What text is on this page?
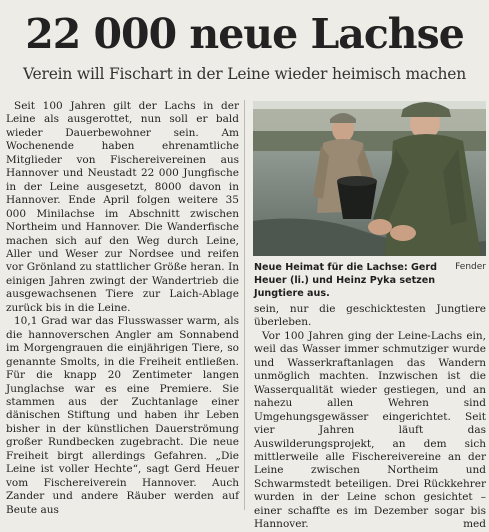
22 000 neue Lachse
Verein will Fischart in der Leine wieder heimisch machen

Seit 100 Jahren gilt der Lachs in der Leine als ausgerottet, nun soll er bald wieder Dauerbewohner sein. Am Wochenende haben ehrenamtliche Mitglieder von Fischereivereinen aus Hannover und Neustadt 22 000 Jungfische in der Leine ausgesetzt, 8000 davon in Hannover. Ende April folgen weitere 35 000 Minilachse im Abschnitt zwischen Northeim und Hannover. Die Wanderfische machen sich auf den Weg durch Leine, Aller und Weser zur Nordsee und reifen vor Grönland zu stattlicher Größe heran. In einigen Jahren zwingt der Wandertrieb die ausgewachsenen Tiere zur Laich-Ablage zurück bis in die Leine.

10,1 Grad war das Flusswasser warm, als die hannoverschen Angler am Sonnabend im Morgengrauen die einjährigen Tiere, so genannte Smolts, in die Freiheit entließen. Für die knapp 20 Zentimeter langen Junglachse war es eine Premiere. Sie stammen aus der Zuchtanlage einer dänischen Stiftung und haben ihr Leben bisher in der künstlichen Dauerströmung großer Rundbecken zugebracht. Die neue Freiheit birgt allerdings Gefahren. „Die Leine ist voller Hechte“, sagt Gerd Heuer vom Fischereiverein Hannover. Auch Zander und andere Räuber werden auf Beute aus

Fender
Neue Heimat für die Lachse: Gerd Heuer (li.) und Heinz Pyka setzen Jungtiere aus.

sein, nur die geschicktesten Jungtiere überleben.

Vor 100 Jahren ging der Leine-Lachs ein, weil das Wasser immer schmutziger wurde und Wasserkraftanlagen das Wandern unmöglich machten. Inzwischen ist die Wasserqualität wieder gestiegen, und an nahezu allen Wehren sind Umgehungsgewässer eingerichtet. Seit vier Jahren läuft das Auswilderungsprojekt, an dem sich mittlerweile alle Fischereivereine an der Leine zwischen Northeim und Schwarmstedt beteiligen. Drei Rückkehrer wurden in der Leine schon gesichtet – einer schaffte es im Dezember sogar bis Hannover.	med
